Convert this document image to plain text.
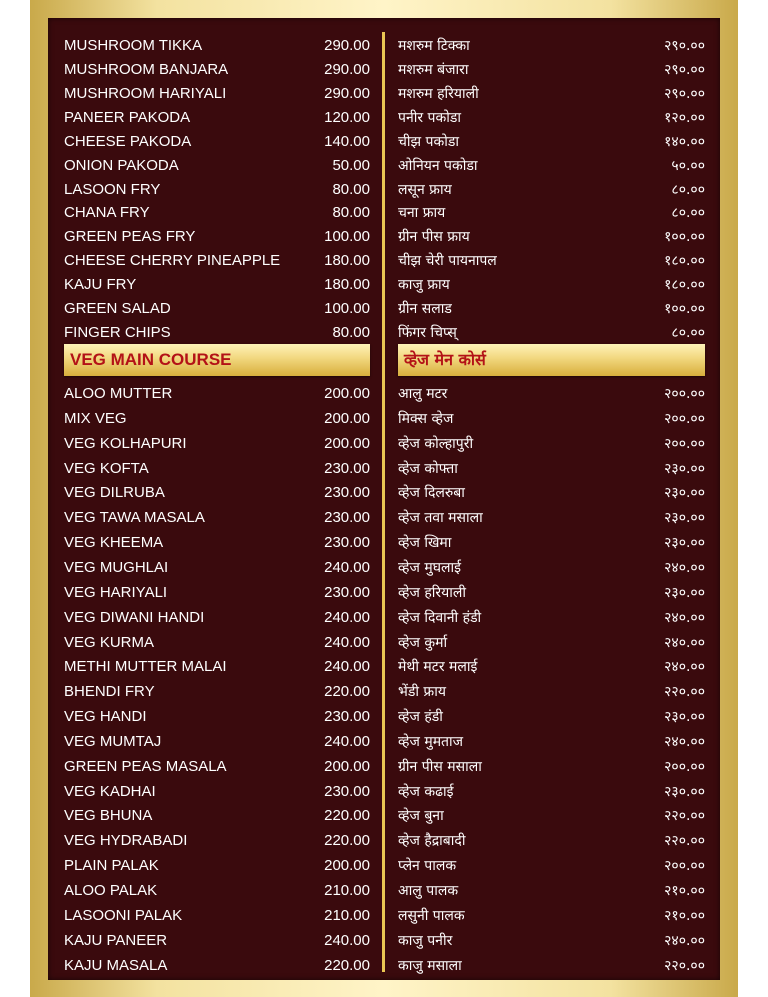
MUSHROOM TIKKA	290.00 मशरुम टिक्का	२९०.००
MUSHROOM BANJARA	290.00 मशरुम बंजारा	२९०.००
MUSHROOM HARIYALI	290.00 मशरुम हरियाली	२९०.००
PANEER PAKODA	120.00 पनीर पकोडा	१२०.००
CHEESE PAKODA	140.00 चीझ पकोडा	१४०.००
ONION PAKODA	50.00 ओनियन पकोडा	५०.००
LASOON FRY	80.00 लसून फ्राय	८०.००
CHANA FRY	80.00 चना फ्राय	८०.००
GREEN PEAS FRY	100.00 ग्रीन पीस फ्राय	१००.००
CHEESE CHERRY PINEAPPLE	180.00 चीझ चेरी पायनापल	१८०.००
KAJU FRY	180.00 काजु फ्राय	१८०.००
GREEN SALAD	100.00 ग्रीन सलाड	१००.००
FINGER CHIPS	80.00 फिंगर चिप्स्	८०.००
ALOO MUTTER	200.00 आलु मटर	२००.००
MIX VEG	200.00 मिक्स व्हेज	२००.००
VEG KOLHAPURI	200.00 व्हेज कोल्हापुरी	२००.००
VEG KOFTA	230.00 व्हेज कोफ्ता	२३०.००
VEG DILRUBA	230.00 व्हेज दिलरुबा	२३०.००
VEG TAWA MASALA	230.00 व्हेज तवा मसाला	२३०.००
VEG KHEEMA	230.00 व्हेज खिमा	२३०.००
VEG MUGHLAI	240.00 व्हेज मुघलाई	२४०.००
VEG HARIYALI	230.00 व्हेज हरियाली	२३०.००
VEG DIWANI HANDI	240.00 व्हेज दिवानी हंडी	२४०.००
VEG KURMA	240.00 व्हेज कुर्मा	२४०.००
METHI MUTTER MALAI	240.00 मेथी मटर मलाई	२४०.००
BHENDI FRY	220.00 भेंडी फ्राय	२२०.००
VEG HANDI	230.00 व्हेज हंडी	२३०.००
VEG MUMTAJ	240.00 व्हेज मुमताज	२४०.००
GREEN PEAS MASALA	200.00 ग्रीन पीस मसाला	२००.००
VEG KADHAI	230.00 व्हेज कढाई	२३०.००
VEG BHUNA	220.00 व्हेज बुना	२२०.००
VEG HYDRABADI	220.00 व्हेज हैद्राबादी	२२०.००
PLAIN PALAK	200.00 प्लेन पालक	२००.००
ALOO PALAK	210.00 आलु पालक	२१०.००
LASOONI PALAK	210.00 लसुनी पालक	२१०.००
KAJU PANEER	240.00 काजु पनीर	२४०.००
KAJU MASALA	220.00 काजु मसाला	२२०.००
VEG MAIN COURSE	व्हेज मेन कोर्स
